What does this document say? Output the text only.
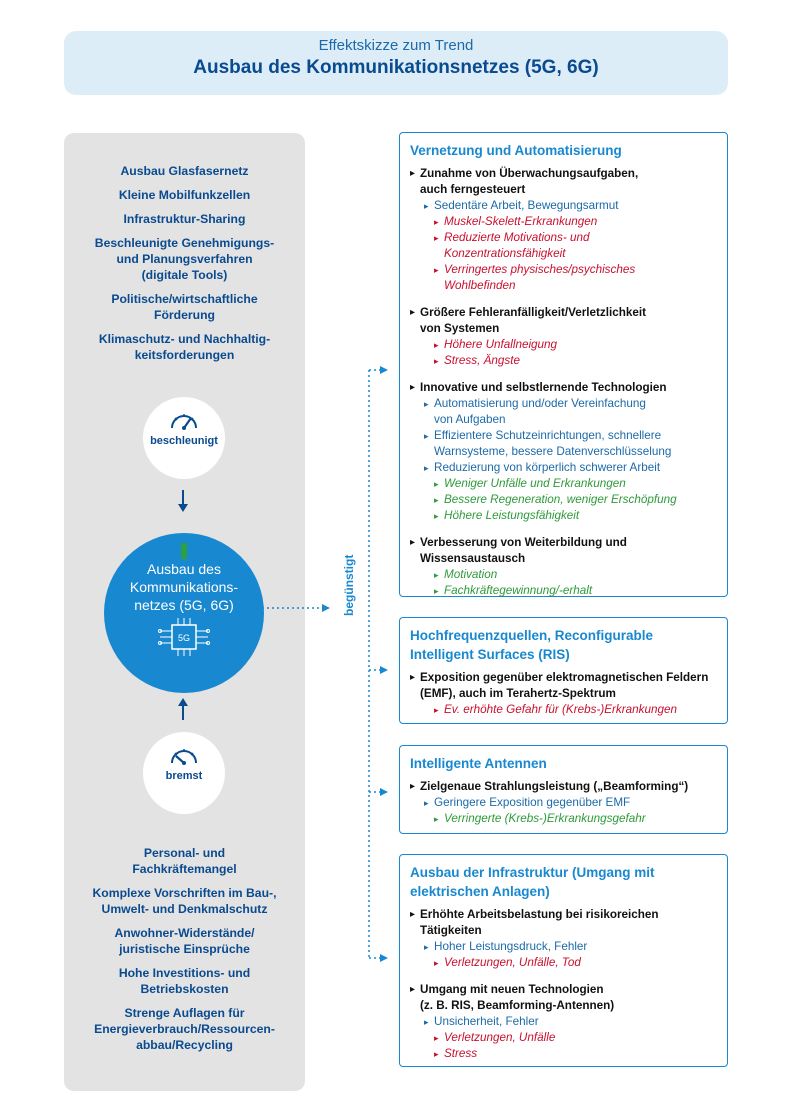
Effektskizze zum Trend
Ausbau des Kommunikationsnetzes (5G, 6G)
Ausbau Glasfasernetz
Kleine Mobilfunkzellen
Infrastruktur-Sharing
Beschleunigte Genehmigungs-
und Planungsverfahren
(digitale Tools)
Politische/wirtschaftliche
Förderung
Klimaschutz- und Nachhaltig-
keitsforderungen
beschleunigt
Ausbau des
Kommunikations-
netzes (5G, 6G)
5G
bremst
Personal- und
Fachkräftemangel
Komplexe Vorschriften im Bau-,
Umwelt- und Denkmalschutz
Anwohner-Widerstände/
juristische Einsprüche
Hohe Investitions- und
Betriebskosten
Strenge Auflagen für
Energieverbrauch/Ressourcen-
abbau/Recycling
begünstigt
Vernetzung und Automatisierung
▸ Zunahme von Überwachungsaufgaben,
auch ferngesteuert
▸ Sedentäre Arbeit, Bewegungsarmut
▸ Muskel-Skelett-Erkrankungen
▸ Reduzierte Motivations- und
Konzentrationsfähigkeit
▸ Verringertes physisches/psychisches
Wohlbefinden
▸ Größere Fehleranfälligkeit/Verletzlichkeit
von Systemen
▸ Höhere Unfallneigung
▸ Stress, Ängste
▸ Innovative und selbstlernende Technologien
▸ Automatisierung und/oder Vereinfachung
von Aufgaben
▸ Effizientere Schutzeinrichtungen, schnellere
Warnsysteme, bessere Datenverschlüsselung
▸ Reduzierung von körperlich schwerer Arbeit
▸ Weniger Unfälle und Erkrankungen
▸ Bessere Regeneration, weniger Erschöpfung
▸ Höhere Leistungsfähigkeit
▸ Verbesserung von Weiterbildung und
Wissensaustausch
▸ Motivation
▸ Fachkräftegewinnung/-erhalt
Hochfrequenzquellen, Reconfigurable
Intelligent Surfaces (RIS)
▸ Exposition gegenüber elektromagnetischen Feldern
(EMF), auch im Terahertz-Spektrum
▸ Ev. erhöhte Gefahr für (Krebs-)Erkrankungen
Intelligente Antennen
▸ Zielgenaue Strahlungsleistung („Beamforming“)
▸ Geringere Exposition gegenüber EMF
▸ Verringerte (Krebs-)Erkrankungsgefahr
Ausbau der Infrastruktur (Umgang mit
elektrischen Anlagen)
▸ Erhöhte Arbeitsbelastung bei risikoreichen
Tätigkeiten
▸ Hoher Leistungsdruck, Fehler
▸ Verletzungen, Unfälle, Tod
▸ Umgang mit neuen Technologien
(z. B. RIS, Beamforming-Antennen)
▸ Unsicherheit, Fehler
▸ Verletzungen, Unfälle
▸ Stress
